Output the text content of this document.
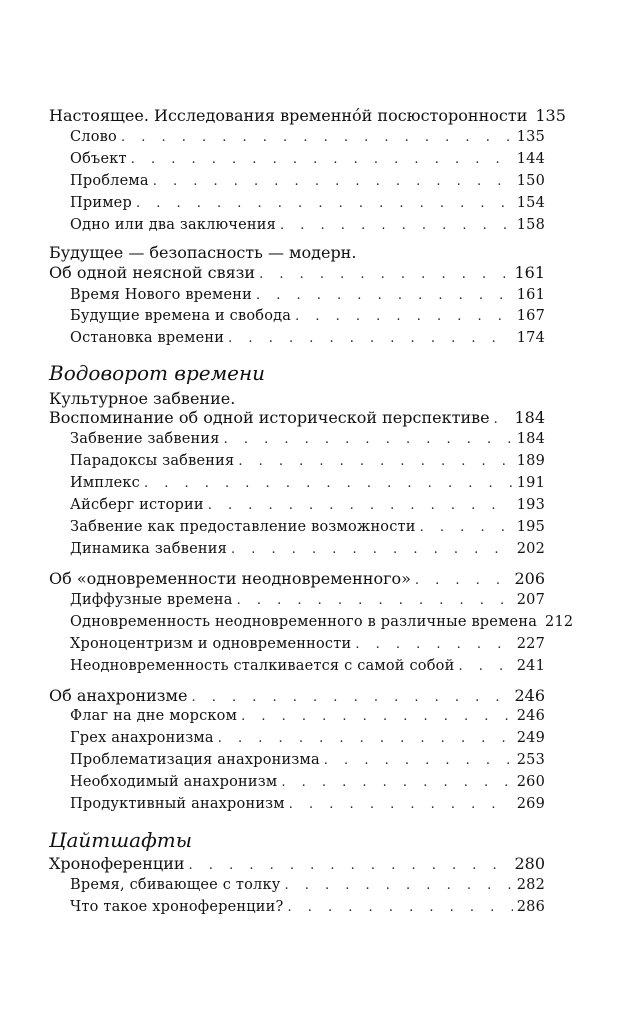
Настоящее. Исследования временно́й посюсторонности 135
Слово . . .	135
Объект . . .	144
Проблема . . .	150
Пример . . .	154
Одно или два заключения . . .	158
Будущее — безопасность — модерн.
Об одной неясной связи . . .	161
Время Нового времени . . .	161
Будущие времена и свобода . . .	167
Остановка времени . . .	174
Водоворот времени
Культурное забвение.
Воспоминание об одной исторической перспективе . . . 184
Забвение забвения . . .	184
Парадоксы забвения . . .	189
Имплекс . . .	191
Айсберг истории . . .	193
Забвение как предоставление возможности . . .	195
Динамика забвения . . .	202
Об «одновременности неодновременного» . . .	206
Диффузные времена . . .	207
Одновременность неодновременного в различные времена 212
Хроноцентризм и одновременности . . .	227
Неодновременность сталкивается с самой собой . . .	241
Об анахронизме . . .	246
Флаг на дне морском . . .	246
Грех анахронизма . . .	249
Проблематизация анахронизма . . .	253
Необходимый анахронизм . . .	260
Продуктивный анахронизм . . .	269
Цайтшафты
Хроноференции . . .	280
Время, сбивающее с толку . . .	282
Что такое хроноференции? . . .	286
